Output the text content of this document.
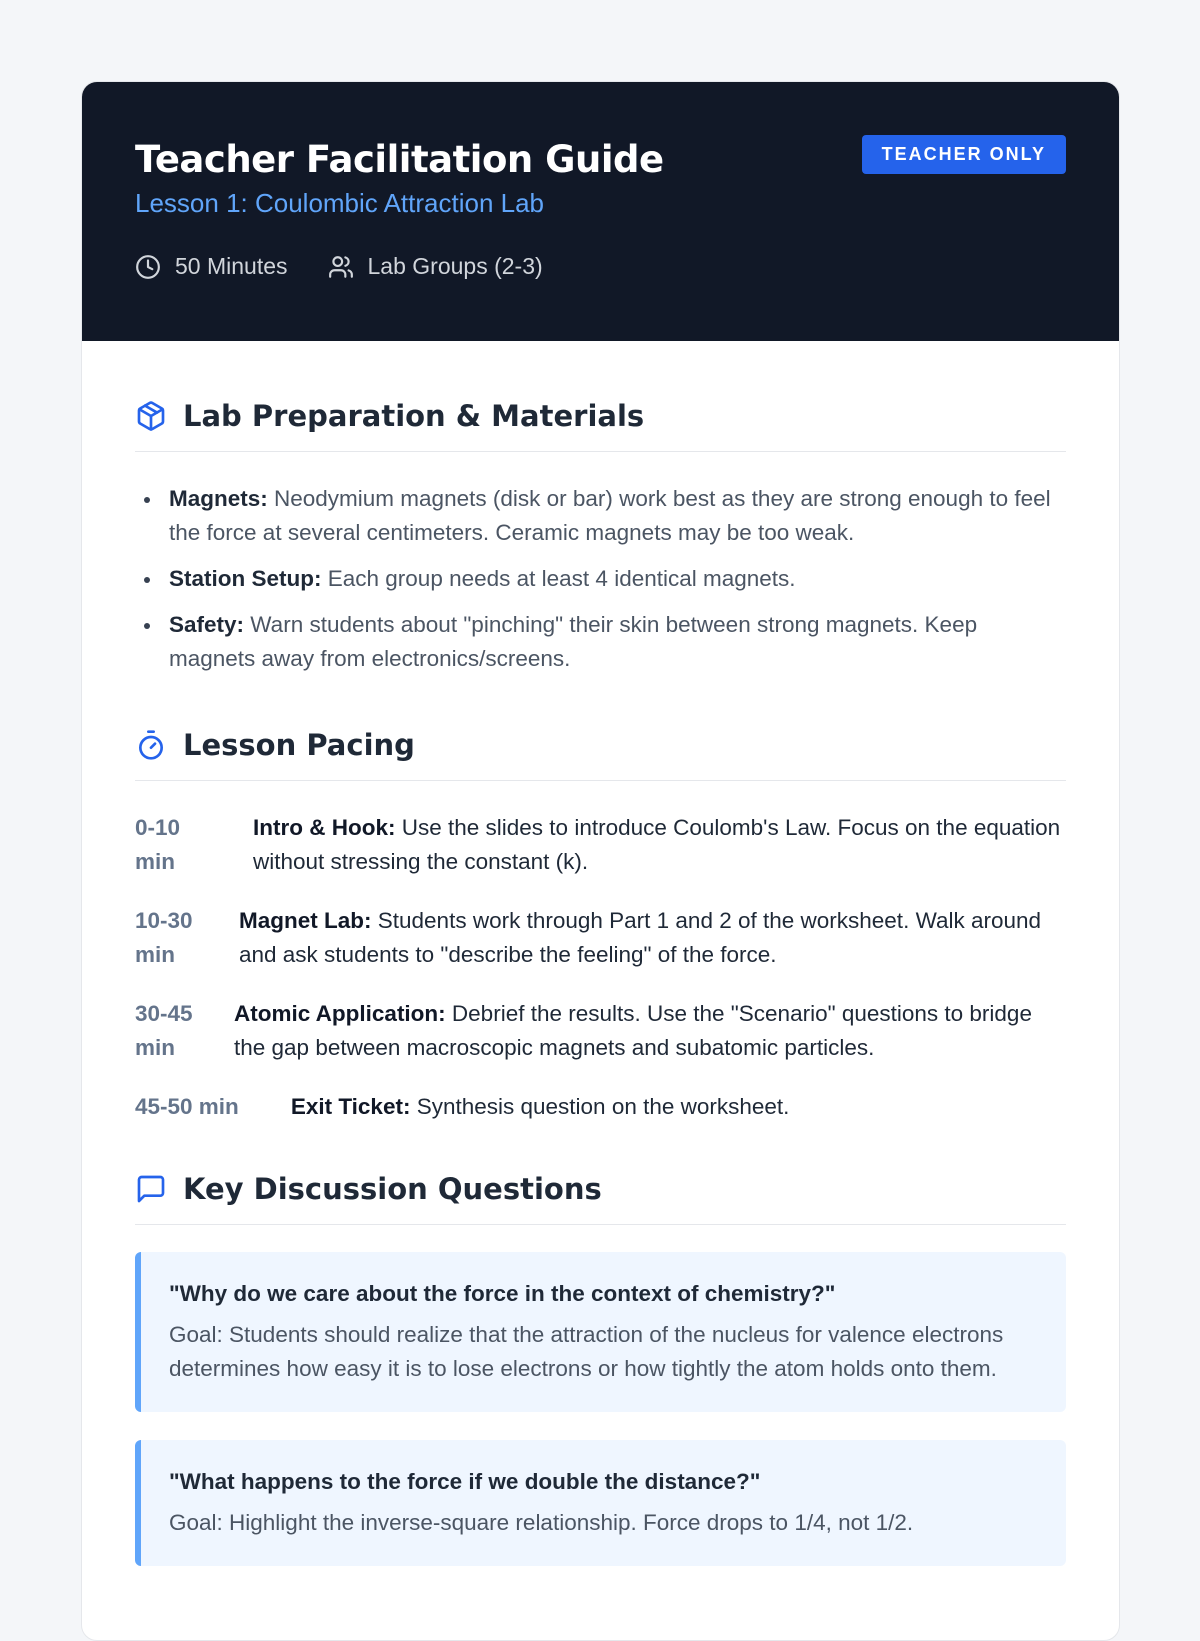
Teacher Facilitation Guide
Lesson 1: Coulombic Attraction Lab
TEACHER ONLY
50 Minutes	Lab Groups (2-3)
Lab Preparation & Materials
Magnets: Neodymium magnets (disk or bar) work best as they are strong enough to feel the force at several centimeters. Ceramic magnets may be too weak.
Station Setup: Each group needs at least 4 identical magnets.
Safety: Warn students about "pinching" their skin between strong magnets. Keep magnets away from electronics/screens.
Lesson Pacing
0-10 min
Intro & Hook: Use the slides to introduce Coulomb's Law. Focus on the equation without stressing the constant (k).
10-30 min
Magnet Lab: Students work through Part 1 and 2 of the worksheet. Walk around and ask students to "describe the feeling" of the force.
30-45 min
Atomic Application: Debrief the results. Use the "Scenario" questions to bridge the gap between macroscopic magnets and subatomic particles.
45-50 min Exit Ticket: Synthesis question on the worksheet.
Key Discussion Questions
"Why do we care about the force in the context of chemistry?"
Goal: Students should realize that the attraction of the nucleus for valence electrons determines how easy it is to lose electrons or how tightly the atom holds onto them.
"What happens to the force if we double the distance?"
Goal: Highlight the inverse-square relationship. Force drops to 1/4, not 1/2.
